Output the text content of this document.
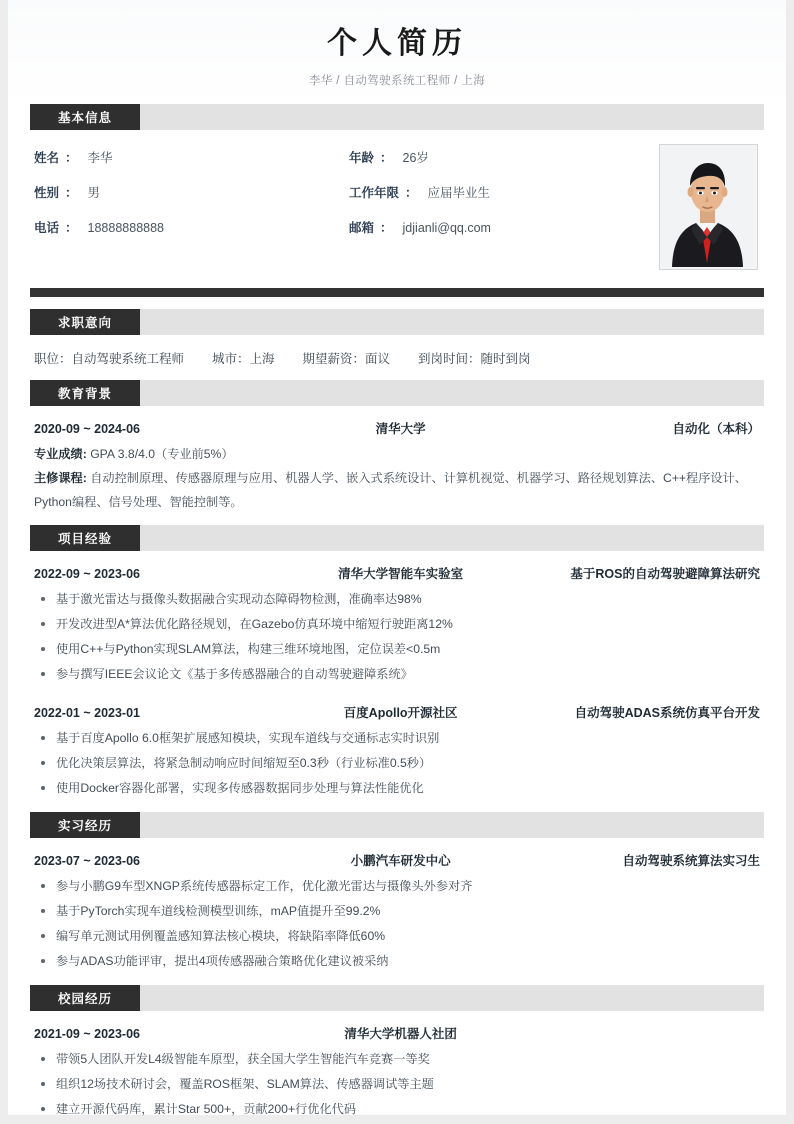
个人简历

李华 / 自动驾驶系统工程师 / 上海

基本信息
姓名 ： 李华	年龄 ： 26岁
性别 ： 男	工作年限 ： 应届毕业生
电话 ： 18888888888	邮箱 ： jdjianli@qq.com
求职意向
职位：自动驾驶系统工程师 城市：上海 期望薪资：面议 到岗时间：随时到岗
教育背景
2020-09 ~ 2024-06	清华大学	自动化（本科）
专业成绩: GPA 3.8/4.0（专业前5%）
主修课程: 自动控制原理、传感器原理与应用、机器人学、嵌入式系统设计、计算机视觉、机器学习、路径规划算法、C++程序设计、Python编程、信号处理、智能控制等。
项目经验
2022-09 ~ 2023-06	清华大学智能车实验室	基于ROS的自动驾驶避障算法研究
基于激光雷达与摄像头数据融合实现动态障碍物检测，准确率达98%
开发改进型A*算法优化路径规划，在Gazebo仿真环境中缩短行驶距离12%
使用C++与Python实现SLAM算法，构建三维环境地图，定位误差<0.5m
参与撰写IEEE会议论文《基于多传感器融合的自动驾驶避障系统》
2022-01 ~ 2023-01	百度Apollo开源社区	自动驾驶ADAS系统仿真平台开发
基于百度Apollo 6.0框架扩展感知模块，实现车道线与交通标志实时识别
优化决策层算法，将紧急制动响应时间缩短至0.3秒（行业标准0.5秒）
使用Docker容器化部署，实现多传感器数据同步处理与算法性能优化
实习经历
2023-07 ~ 2023-06	小鹏汽车研发中心	自动驾驶系统算法实习生
参与小鹏G9车型XNGP系统传感器标定工作，优化激光雷达与摄像头外参对齐
基于PyTorch实现车道线检测模型训练，mAP值提升至99.2%
编写单元测试用例覆盖感知算法核心模块，将缺陷率降低60%
参与ADAS功能评审，提出4项传感器融合策略优化建议被采纳
校园经历
2021-09 ~ 2023-06	清华大学机器人社团
带领5人团队开发L4级智能车原型，获全国大学生智能汽车竞赛一等奖
组织12场技术研讨会，覆盖ROS框架、SLAM算法、传感器调试等主题
建立开源代码库，累计Star 500+，贡献200+行优化代码
